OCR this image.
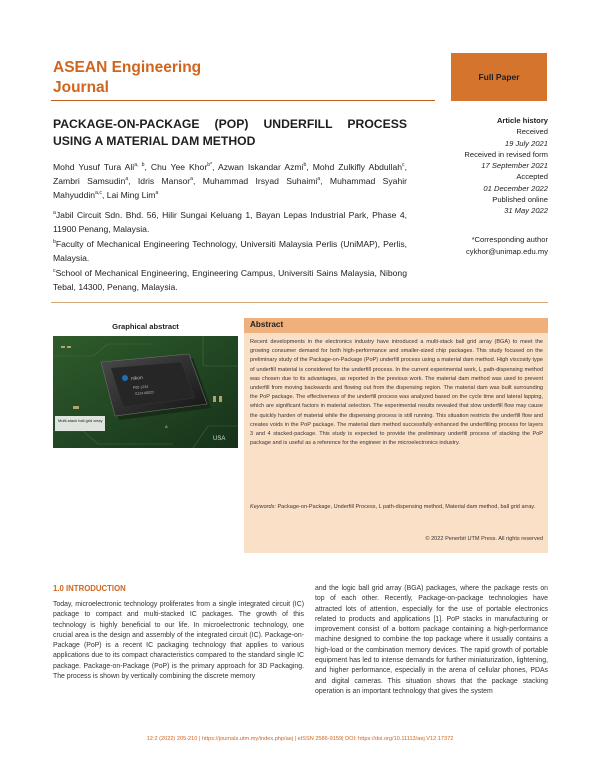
ASEAN Engineering
Journal
Full Paper
PACKAGE-ON-PACKAGE (POP) UNDERFILL PROCESS USING A MATERIAL DAM METHOD
Mohd Yusuf Tura Ali$^{a, b}$, Chu Yee Khor$^{b*}$, Azwan Iskandar Azmi$^b$, Mohd Zulkifly Abdullah$^c$, Zambri Samsudin$^a$, Idris Mansor$^a$, Muhammad Irsyad Suhaimi$^a$, Muhammad Syahir Mahyuddin$^{a,c}$, Lai Ming Lim$^a$

$^a$Jabil Circuit Sdn. Bhd. 56, Hilir Sungai Keluang 1, Bayan Lepas Industrial Park, Phase 4, 11900 Penang, Malaysia.

$^b$Faculty of Mechanical Engineering Technology, Universiti Malaysia Perlis (UniMAP), Perlis, Malaysia.

$^c$School of Mechanical Engineering, Engineering Campus, Universiti Sains Malaysia, Nibong Tebal, 14300, Penang, Malaysia.

Article history
Received
19 July 2021
Received in revised form
17 September 2021
Accepted
01 December 2022
Published online
31 May 2022
*Corresponding author
cykhor@unimap.edu.my
Graphical abstract
nikon
P00 1234
S124 ABCD
USA
A
Multi-stack ball grid array
Abstract
Recent developments in the electronics industry have introduced a multi-stack ball grid array (BGA) to meet the growing consumer demand for both high-performance and smaller-sized chip packages. This study focused on the preliminary study of the Package-on-Package (PoP) underfill process using a material dam method. High viscosity type of underfill material is considered for the underfill process. In the current experimental work, L path-dispensing method was chosen due to its advantages, as reported in the previous work. The material dam method was used to prevent underfill from moving backwards and flowing out from the dispensing region. The material dam was built surrounding the PoP package. The effectiveness of the underfill process was analyzed based on the cycle time and lateral lapping, which are significant factors in material selection. The experimental results revealed that slow underfill flow may cause the quickly harden of material while the dispensing process is still running. This situation restricts the underfill flow and creates voids in the PoP package. The material dam method successfully enhanced the underfilling process for layers 3 and 4 stacked-package. This study is expected to provide the preliminary underfill process of stacking the PoP package and is useful as a reference for the engineer in the microelectronics industry.
Keywords: Package-on-Package, Underfill Process, L path-dispensing method, Material dam method, ball grid array.
© 2022 Penerbit UTM Press. All rights reserved
1.0 INTRODUCTION
Today, microelectronic technology proliferates from a single integrated circuit (IC) package to compact and multi-stacked IC packages. The growth of this technology is highly beneficial to our life. In microelectronic technology, one crucial area is the design and assembly of the integrated circuit (IC). Package-on-Package (PoP) is a recent IC packaging technology that applies to various applications due to its compact characteristics compared to the standard single IC package. Package-on-Package (PoP) is the primary approach for 3D Packaging. The process is shown by vertically combining the discrete memory
and the logic ball grid array (BGA) packages, where the package rests on top of each other. Recently, Package-on-package technologies have attracted lots of attention, especially for the use of portable electronics related to products and applications [1]. PoP stacks in manufacturing or improvement consist of a bottom package containing a high-performance machine designed to combine the top package where it usually contains a high-load or the combination memory devices. The rapid growth of portable equipment has led to intense demands for further miniaturization, lightening, and higher performance, especially in the arena of cellular phones, PDAs and digital cameras. This situation shows that the package stacking operation is an important technology that gives the system
12:2 (2022) 205-210 | https://journals.utm.my/index.php/aej | eISSN 2586-9159| DOI: https://doi.org/10.11113/aej.V12.17372
